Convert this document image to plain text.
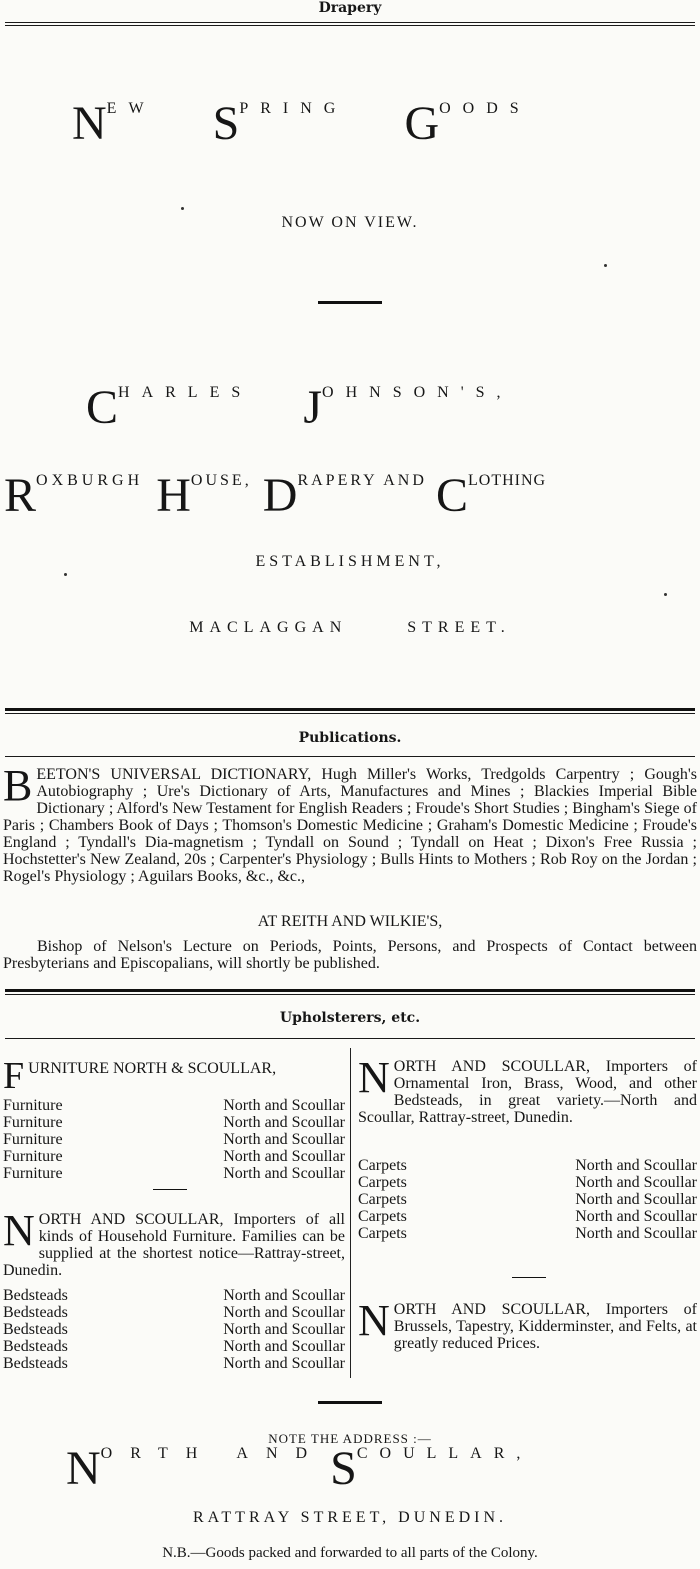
Drapery
NEW SPRING GOODS
NOW ON VIEW.
CHARLES JOHNSON'S,
ROXBURGH HOUSE, DRAPERY AND CLOTHING
ESTABLISHMENT,
MACLAGGAN      STREET.
Publications.
BEETON'S UNIVERSAL DICTIONARY, Hugh Miller's Works, Tredgolds Carpentry ; Gough's Autobiography ; Ure's Dictionary of Arts, Manufactures and Mines ; Blackies Imperial Bible Dictionary ; Alford's New Testament for English Readers ; Froude's Short Studies ; Bingham's Siege of Paris ; Chambers Book of Days ; Thomson's Domestic Medicine ; Graham's Domestic Medicine ; Froude's England ; Tyndall's Dia-magnetism ; Tyndall on Sound ; Tyndall on Heat ; Dixon's Free Russia ; Hochstetter's New Zealand, 20s ; Carpenter's Physiology ; Bulls Hints to Mothers ; Rob Roy on the Jordan ; Rogel's Physiology ; Aguilars Books, &c., &c.,
AT REITH AND WILKIE'S,
Bishop of Nelson's Lecture on Periods, Points, Persons, and Prospects of Contact between Presbyterians and Episcopalians, will shortly be published.
Upholsterers, etc.
FURNITURE NORTH & SCOULLAR,
Furniture	North and Scoullar
Furniture	North and Scoullar
Furniture	North and Scoullar
Furniture	North and Scoullar
Furniture	North and Scoullar
NORTH AND SCOULLAR, Importers of all kinds of Household Furniture. Families can be supplied at the shortest notice—Rattray-street, Dunedin.
Bedsteads	North and Scoullar
Bedsteads	North and Scoullar
Bedsteads	North and Scoullar
Bedsteads	North and Scoullar
Bedsteads	North and Scoullar
NORTH AND SCOULLAR, Importers of Ornamental Iron, Brass, Wood, and other Bedsteads, in great variety.—North and Scoullar, Rattray-street, Dunedin.
Carpets	North and Scoullar
Carpets	North and Scoullar
Carpets	North and Scoullar
Carpets	North and Scoullar
Carpets	North and Scoullar
NORTH AND SCOULLAR, Importers of Brussels, Tapestry, Kidderminster, and Felts, at greatly reduced Prices.
NOTE THE ADDRESS :—
NORTH AND SCOULLAR,
RATTRAY STREET, DUNEDIN.
N.B.—Goods packed and forwarded to all parts of the Colony.
